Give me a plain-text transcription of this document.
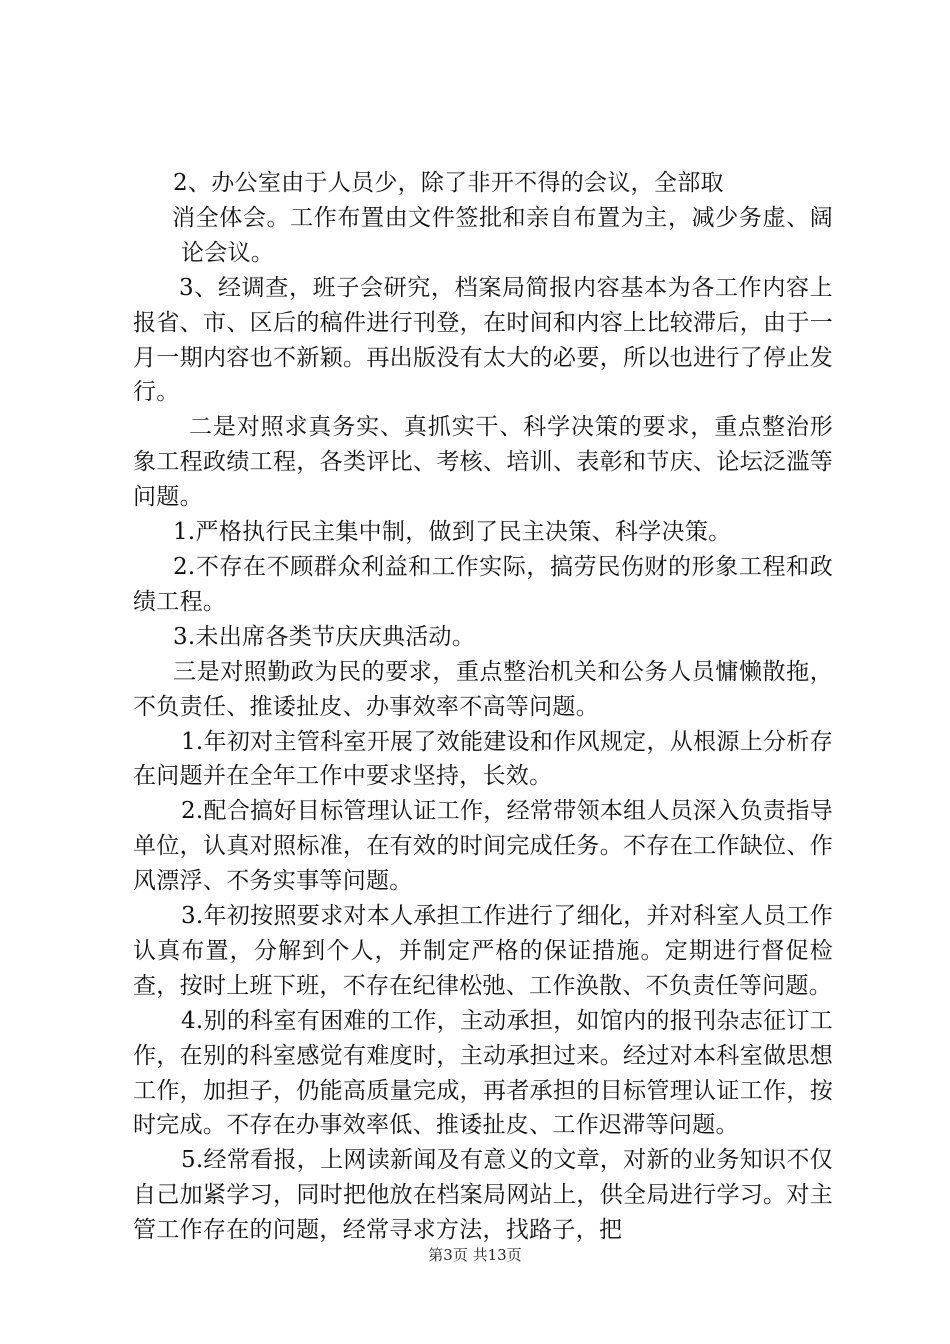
2、办公室由于人员少，除了非开不得的会议，全部取

消全体会。工作布置由文件签批和亲自布置为主，减少务虚、阔论会议。

3、经调查，班子会研究，档案局简报内容基本为各工作内容上报省、市、区后的稿件进行刊登，在时间和内容上比较滞后，由于一月一期内容也不新颖。再出版没有太大的必要，所以也进行了停止发行。

二是对照求真务实、真抓实干、科学决策的要求，重点整治形象工程政绩工程，各类评比、考核、培训、表彰和节庆、论坛泛滥等问题。

1.严格执行民主集中制，做到了民主决策、科学决策。

2.不存在不顾群众利益和工作实际，搞劳民伤财的形象工程和政绩工程。

3.未出席各类节庆庆典活动。

三是对照勤政为民的要求，重点整治机关和公务人员慵懒散拖，不负责任、推诿扯皮、办事效率不高等问题。

1.年初对主管科室开展了效能建设和作风规定，从根源上分析存在问题并在全年工作中要求坚持，长效。

2.配合搞好目标管理认证工作，经常带领本组人员深入负责指导单位，认真对照标准，在有效的时间完成任务。不存在工作缺位、作风漂浮、不务实事等问题。

3.年初按照要求对本人承担工作进行了细化，并对科室人员工作认真布置，分解到个人，并制定严格的保证措施。定期进行督促检查，按时上班下班，不存在纪律松弛、工作涣散、不负责任等问题。

4.别的科室有困难的工作，主动承担，如馆内的报刊杂志征订工作，在别的科室感觉有难度时，主动承担过来。经过对本科室做思想工作，加担子，仍能高质量完成，再者承担的目标管理认证工作，按时完成。不存在办事效率低、推诿扯皮、工作迟滞等问题。

5.经常看报，上网读新闻及有意义的文章，对新的业务知识不仅自己加紧学习，同时把他放在档案局网站上，供全局进行学习。对主管工作存在的问题，经常寻求方法，找路子，把

第3页 共13页
